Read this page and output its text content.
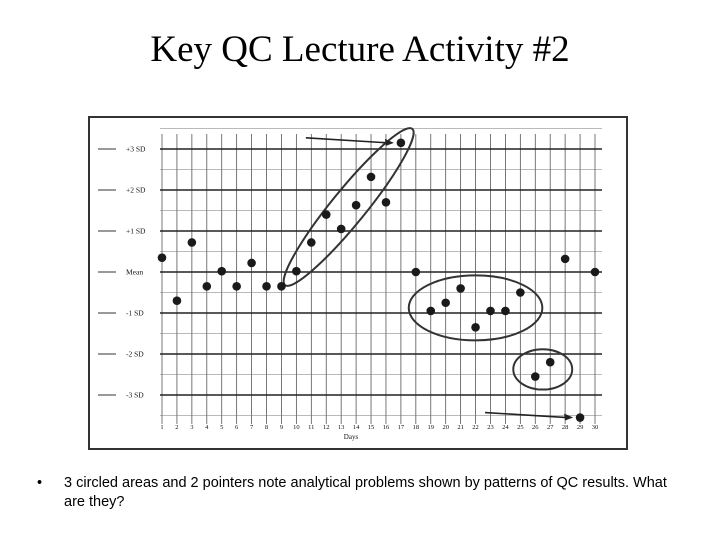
Key QC Lecture Activity #2
+3 SD
+2 SD
+1 SD
Mean
-1 SD
-2 SD
-3 SD
1 2 3 4 5 6 7 8 9 10 11 12 13 14 15 16 17 18 19 20 21 22 23 24 25 26 27 28 29 30
Days
• 3 circled areas and 2 pointers note analytical problems shown by patterns of QC results. What are they?
